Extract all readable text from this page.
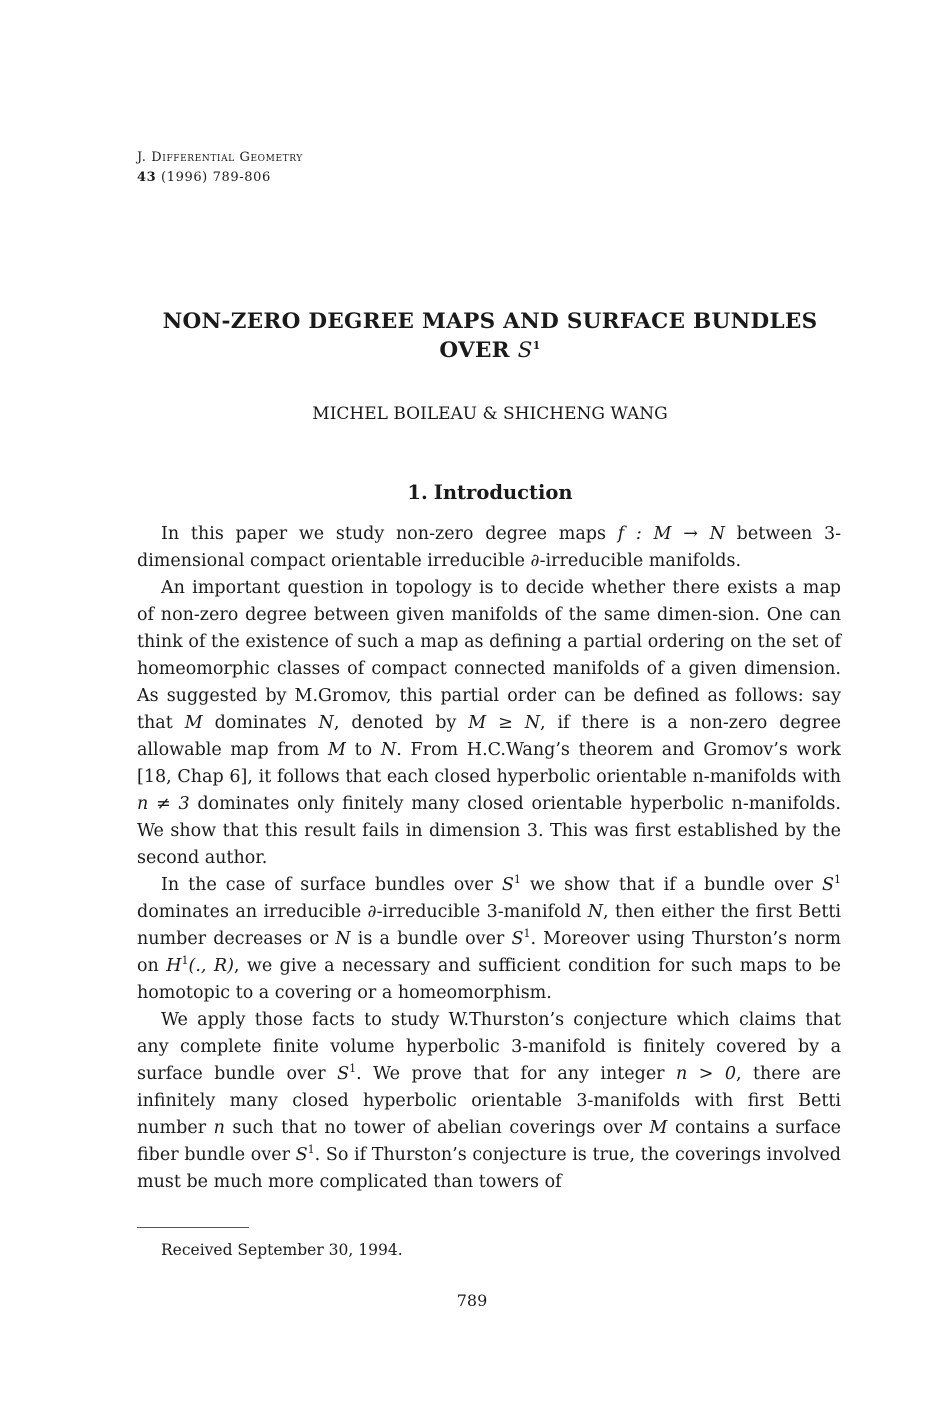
J. Differential Geometry
43 (1996) 789-806
NON-ZERO DEGREE MAPS AND SURFACE BUNDLES
OVER $S^1$
MICHEL BOILEAU & SHICHENG WANG
1. Introduction

In this paper we study non-zero degree maps f : M → N between 3-dimensional compact orientable irreducible ∂-irreducible manifolds.

An important question in topology is to decide whether there exists a map of non-zero degree between given manifolds of the same dimen-sion. One can think of the existence of such a map as defining a partial ordering on the set of homeomorphic classes of compact connected manifolds of a given dimension. As suggested by M.Gromov, this partial order can be defined as follows: say that M dominates N, denoted by M ≥ N, if there is a non-zero degree allowable map from M to N. From H.C.Wang’s theorem and Gromov’s work [18, Chap 6], it follows that each closed hyperbolic orientable n-manifolds with n ≠ 3 dominates only finitely many closed orientable hyperbolic n-manifolds. We show that this result fails in dimension 3. This was first established by the second author.

In the case of surface bundles over $S^1$ we show that if a bundle over $S^1$ dominates an irreducible ∂-irreducible 3-manifold N, then either the first Betti number decreases or N is a bundle over $S^1$. Moreover using Thurston’s norm on $H^1$(., R), we give a necessary and sufficient condition for such maps to be homotopic to a covering or a homeomorphism.

We apply those facts to study W.Thurston’s conjecture which claims that any complete finite volume hyperbolic 3-manifold is finitely covered by a surface bundle over $S^1$. We prove that for any integer n > 0, there are infinitely many closed hyperbolic orientable 3-manifolds with first Betti number n such that no tower of abelian coverings over M contains a surface fiber bundle over $S^1$. So if Thurston’s conjecture is true, the coverings involved must be much more complicated than towers of

Received September 30, 1994.
789
